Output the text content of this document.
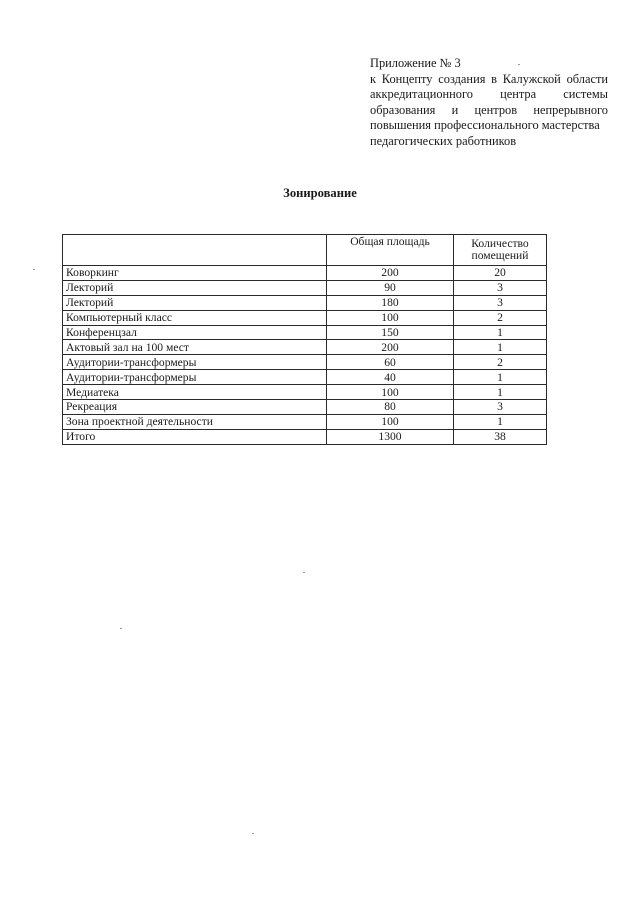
Приложение № 3
к Концепту создания в Калужской области аккредитационного центра системы образования и центров непрерывного повышения профессионального мастерства
педагогических работников
Зонирование
	Общая площадь	Количество помещений
Коворкинг	200	20
Лекторий	90	3
Лекторий	180	3
Компьютерный класс	100	2
Конференцзал	150	1
Актовый зал на 100 мест	200	1
Аудитории-трансформеры	60	2
Аудитории-трансформеры	40	1
Медиатека	100	1
Рекреация	80	3
Зона проектной деятельности	100	1
Итого	1300	38
